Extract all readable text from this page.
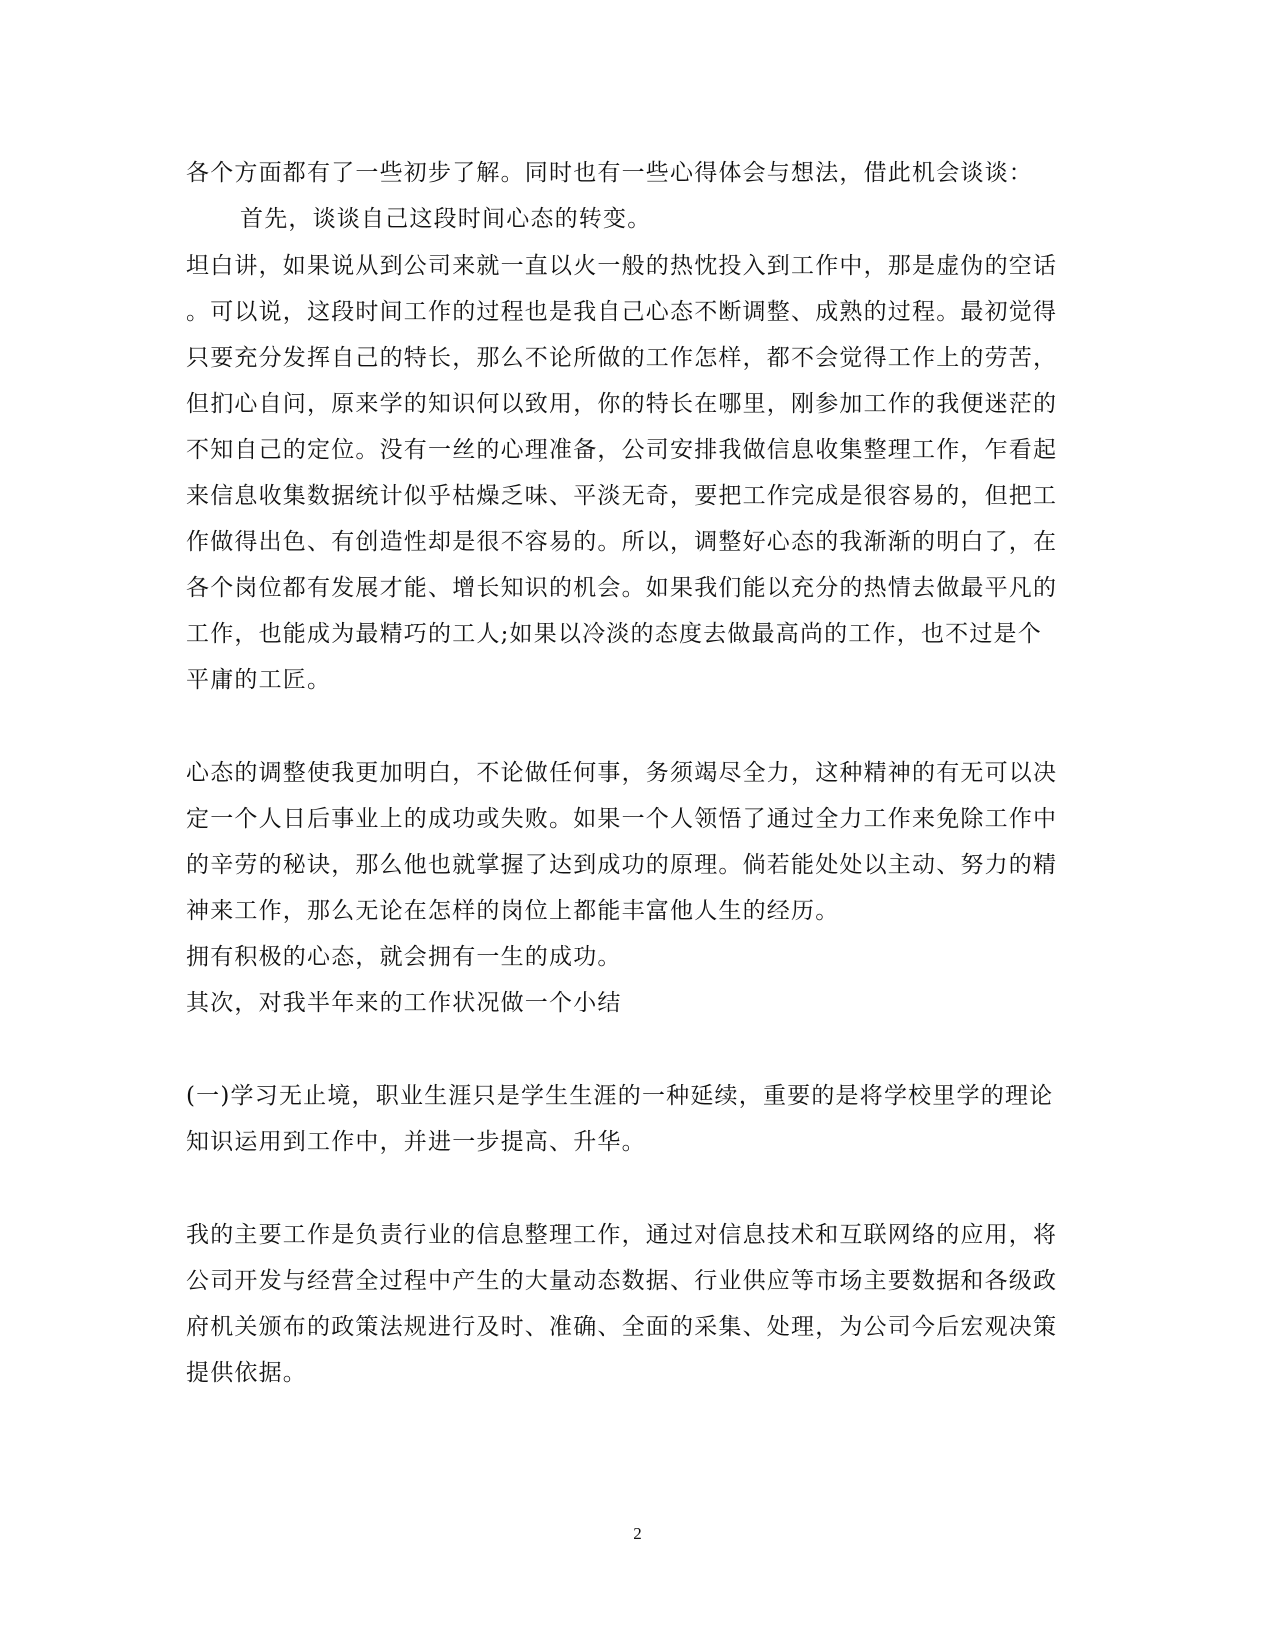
各个方面都有了一些初步了解。同时也有一些心得体会与想法，借此机会谈谈：
首先，谈谈自己这段时间心态的转变。
坦白讲，如果说从到公司来就一直以火一般的热忱投入到工作中，那是虚伪的空话
。可以说，这段时间工作的过程也是我自己心态不断调整、成熟的过程。最初觉得
只要充分发挥自己的特长，那么不论所做的工作怎样，都不会觉得工作上的劳苦，
但扪心自问，原来学的知识何以致用，你的特长在哪里，刚参加工作的我便迷茫的
不知自己的定位。没有一丝的心理准备，公司安排我做信息收集整理工作，乍看起
来信息收集数据统计似乎枯燥乏味、平淡无奇，要把工作完成是很容易的，但把工
作做得出色、有创造性却是很不容易的。所以，调整好心态的我渐渐的明白了，在
各个岗位都有发展才能、增长知识的机会。如果我们能以充分的热情去做最平凡的
工作，也能成为最精巧的工人;如果以冷淡的态度去做最高尚的工作，也不过是个
平庸的工匠。
心态的调整使我更加明白，不论做任何事，务须竭尽全力，这种精神的有无可以决
定一个人日后事业上的成功或失败。如果一个人领悟了通过全力工作来免除工作中
的辛劳的秘诀，那么他也就掌握了达到成功的原理。倘若能处处以主动、努力的精
神来工作，那么无论在怎样的岗位上都能丰富他人生的经历。
拥有积极的心态，就会拥有一生的成功。
其次，对我半年来的工作状况做一个小结
(一)学习无止境，职业生涯只是学生生涯的一种延续，重要的是将学校里学的理论
知识运用到工作中，并进一步提高、升华。
我的主要工作是负责行业的信息整理工作，通过对信息技术和互联网络的应用，将
公司开发与经营全过程中产生的大量动态数据、行业供应等市场主要数据和各级政
府机关颁布的政策法规进行及时、准确、全面的采集、处理，为公司今后宏观决策
提供依据。
2
